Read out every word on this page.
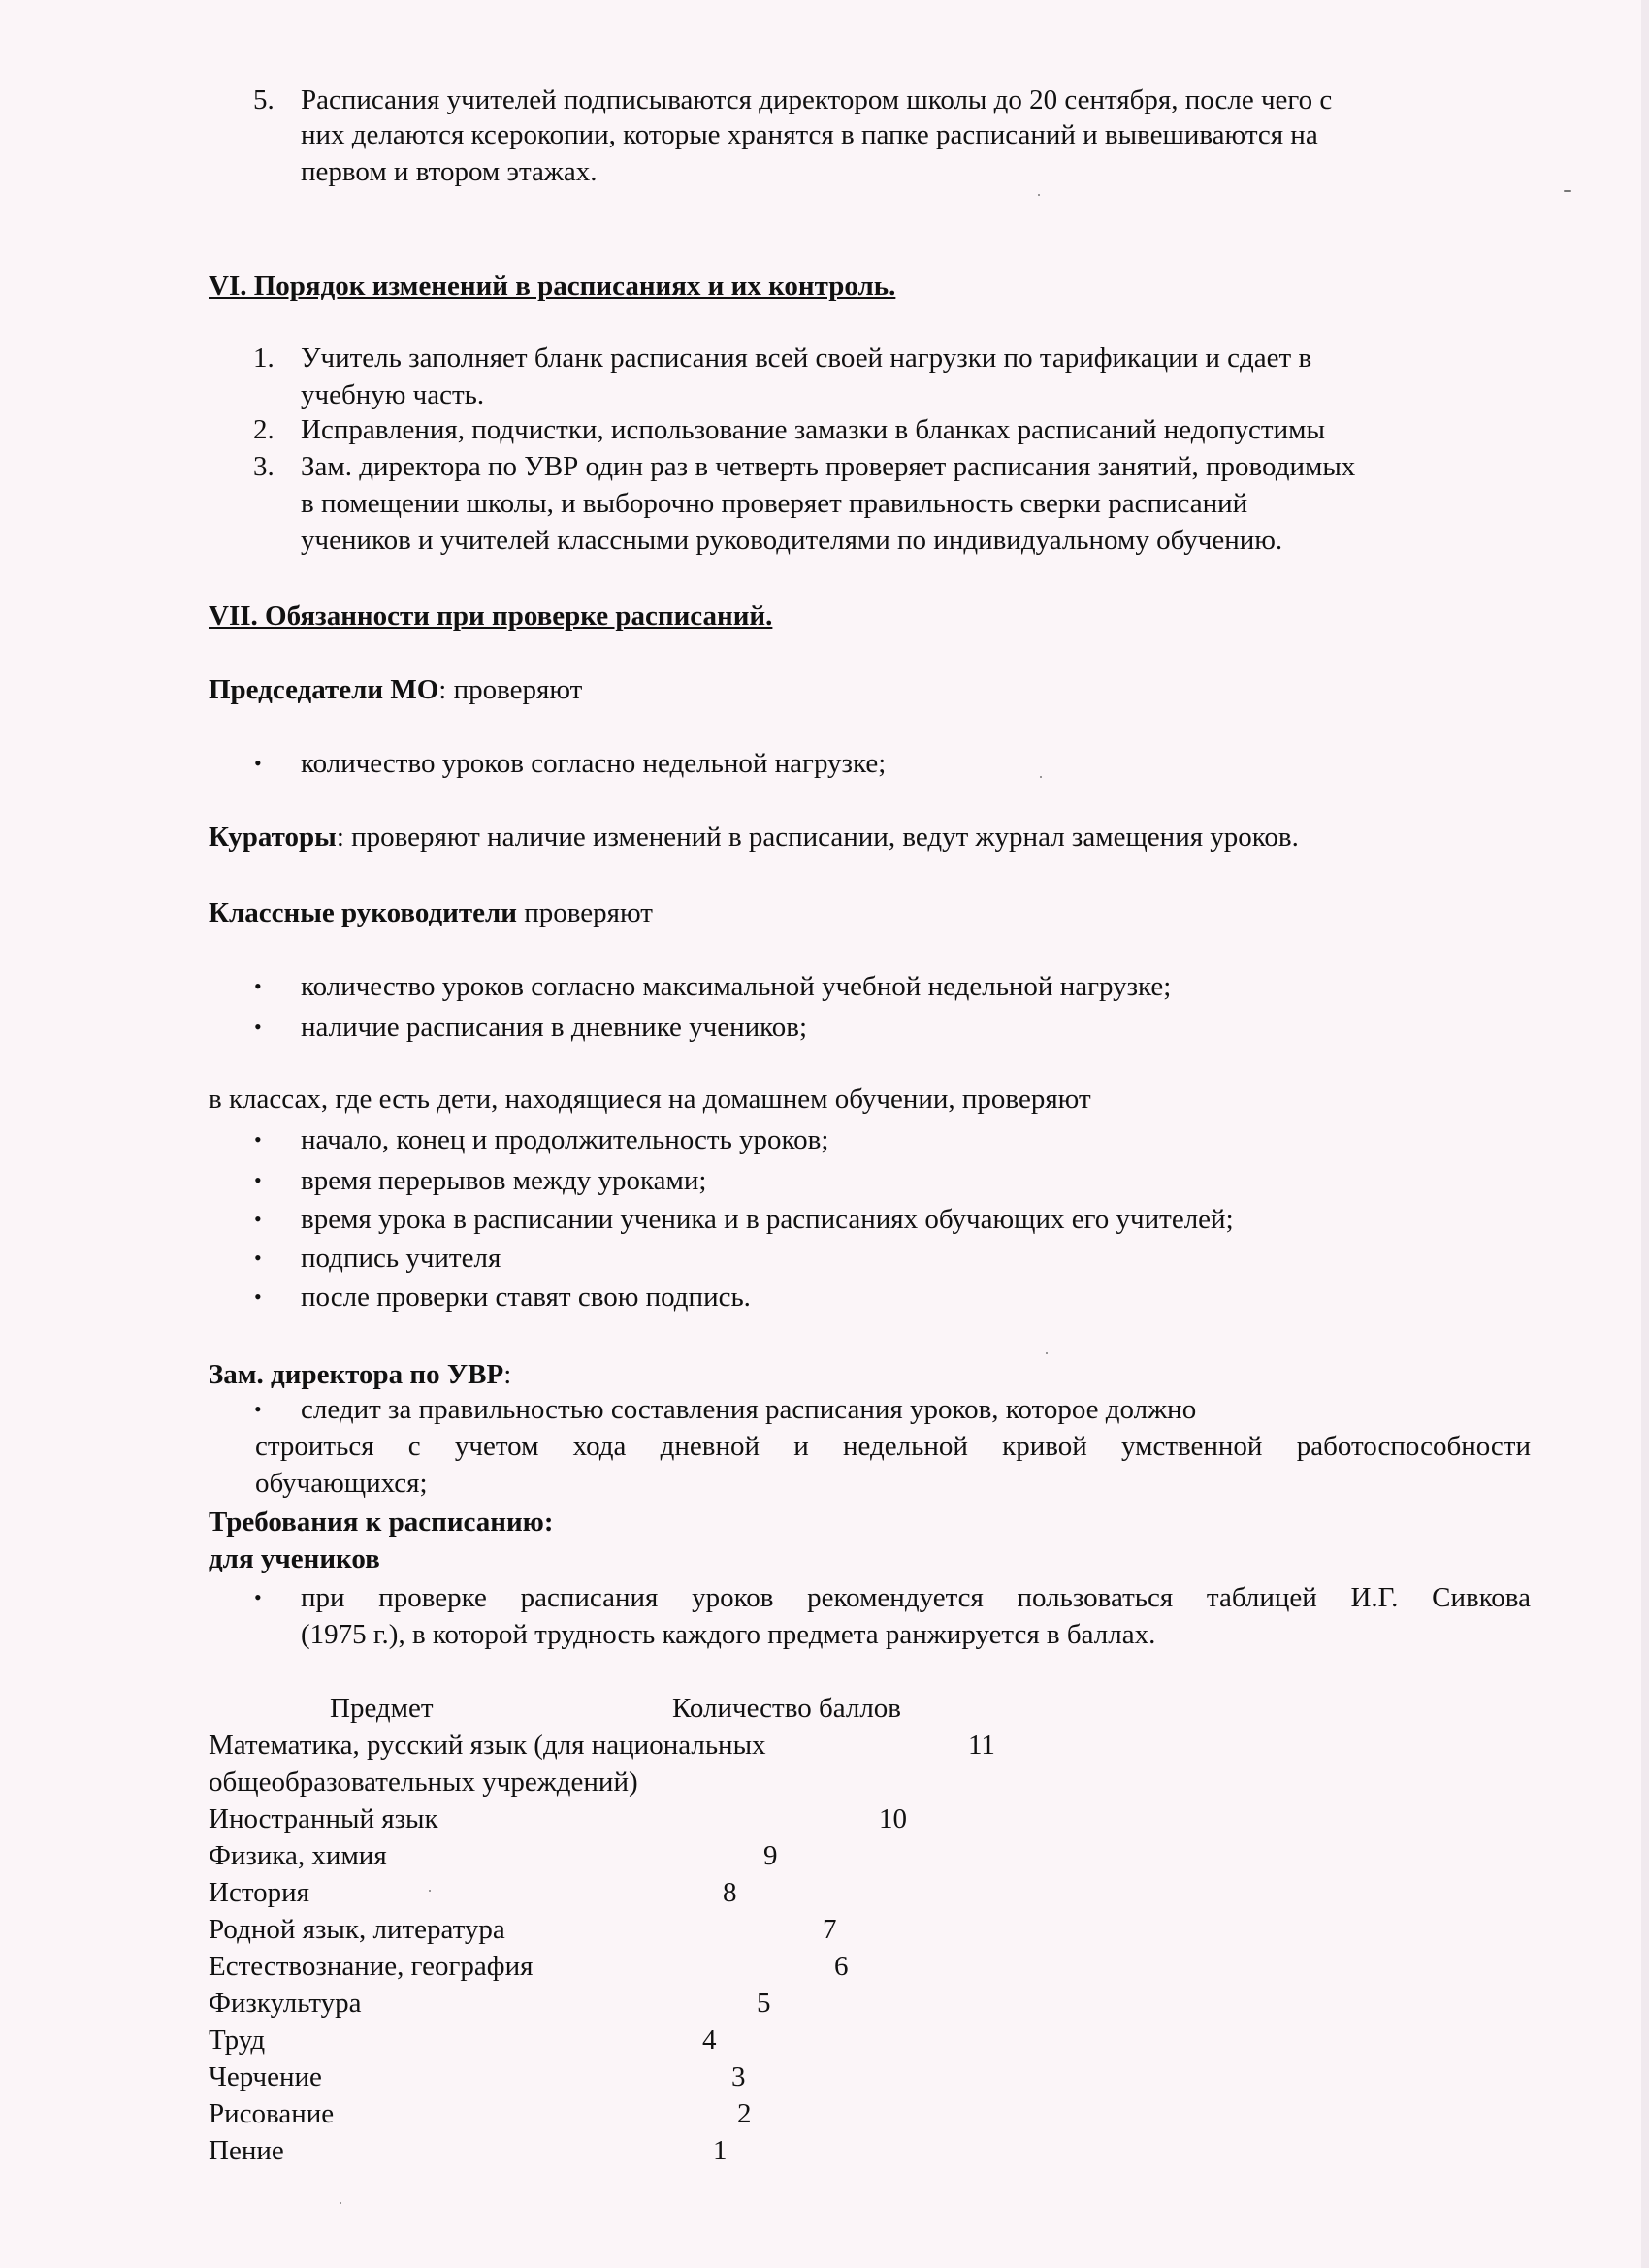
5. Расписания учителей подписываются директором школы до 20 сентября, после чего с
них делаются ксерокопии, которые хранятся в папке расписаний и вывешиваются на
первом и втором этажах.
VI. Порядок изменений в расписаниях и их контроль.
1. Учитель заполняет бланк расписания всей своей нагрузки по тарификации и сдает в
учебную часть.
2. Исправления, подчистки, использование замазки в бланках расписаний недопустимы
3. Зам. директора по УВР один раз в четверть проверяет расписания занятий, проводимых
в помещении школы, и выборочно проверяет правильность сверки расписаний
учеников и учителей классными руководителями по индивидуальному обучению.
VII. Обязанности при проверке расписаний.
Председатели МО: проверяют
• количество уроков согласно недельной нагрузке;
Кураторы: проверяют наличие изменений в расписании, ведут журнал замещения уроков.
Классные руководители проверяют
• количество уроков согласно максимальной учебной недельной нагрузке;
• наличие расписания в дневнике учеников;
в классах, где есть дети, находящиеся на домашнем обучении, проверяют
• начало, конец и продолжительность уроков;
• время перерывов между уроками;
• время урока в расписании ученика и в расписаниях обучающих его учителей;
• подпись учителя
• после проверки ставят свою подпись.
Зам. директора по УВР:
• следит за правильностью составления расписания уроков, которое должно
строиться с учетом хода дневной и недельной кривой умственной работоспособности
обучающихся;
Требования к расписанию:
для учеников
• при проверке расписания уроков рекомендуется пользоваться таблицей И.Г. Сивкова
(1975 г.), в которой трудность каждого предмета ранжируется в баллах.
Предмет	Количество баллов
Математика, русский язык (для национальных	11
общеобразовательных учреждений)
Иностранный язык	10
Физика, химия	9
История	8
Родной язык, литература	7
Естествознание, география	6
Физкультура	5
Труд	4
Черчение	3
Рисование	2
Пение	1
